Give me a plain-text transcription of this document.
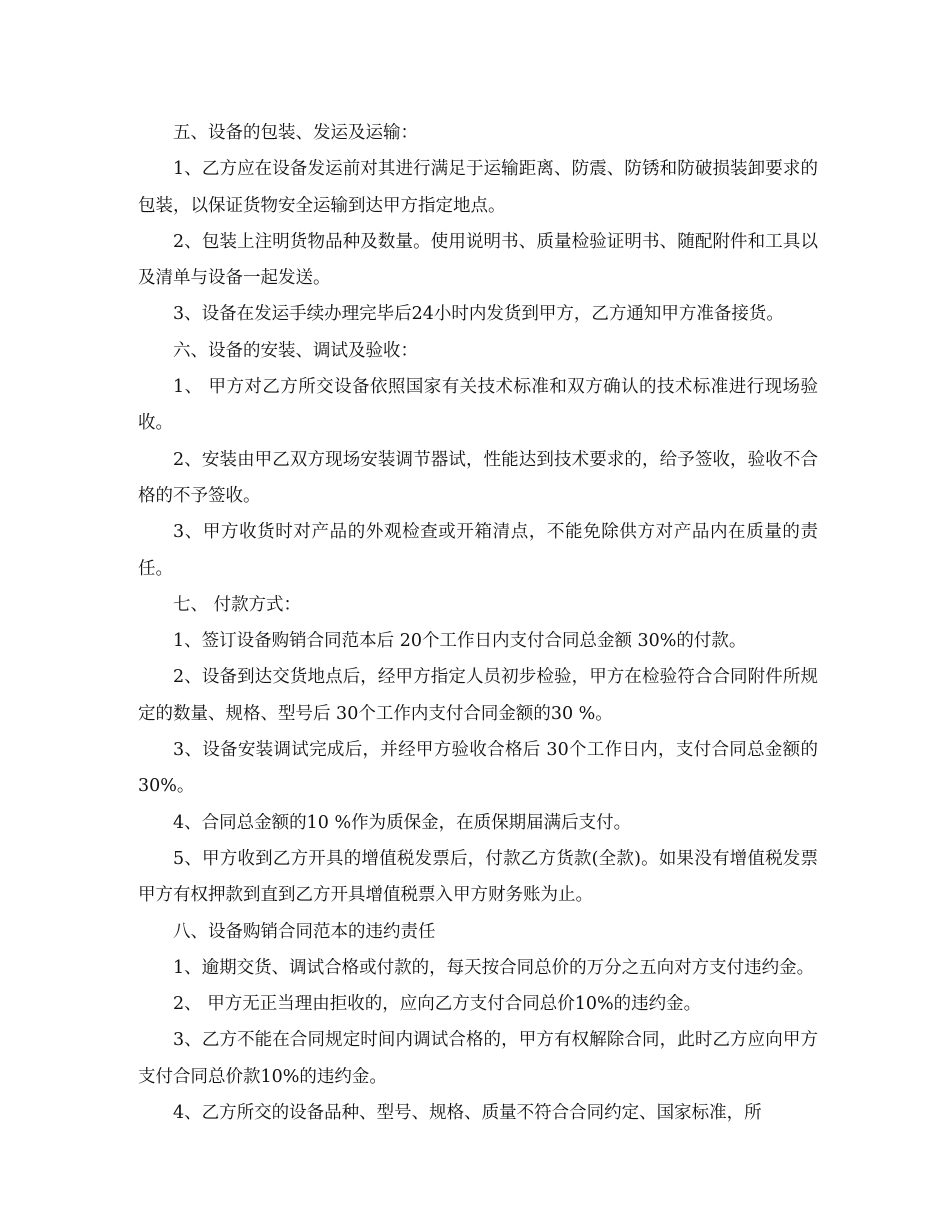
五、设备的包装、发运及运输：

1、乙方应在设备发运前对其进行满足于运输距离、防震、防锈和防破损装卸要求的包装，以保证货物安全运输到达甲方指定地点。

2、包装上注明货物品种及数量。使用说明书、质量检验证明书、随配附件和工具以及清单与设备一起发送。

3、设备在发运手续办理完毕后24小时内发货到甲方，乙方通知甲方准备接货。

六、设备的安装、调试及验收：

1、 甲方对乙方所交设备依照国家有关技术标准和双方确认的技术标准进行现场验收。

2、安装由甲乙双方现场安装调节器试，性能达到技术要求的，给予签收，验收不合格的不予签收。

3、甲方收货时对产品的外观检查或开箱清点，不能免除供方对产品内在质量的责任。

七、 付款方式：

1、签订设备购销合同范本后 20个工作日内支付合同总金额 30%的付款。

2、设备到达交货地点后，经甲方指定人员初步检验，甲方在检验符合合同附件所规定的数量、规格、型号后 30个工作内支付合同金额的30 %。

3、设备安装调试完成后，并经甲方验收合格后 30个工作日内，支付合同总金额的30%。

4、合同总金额的10 %作为质保金，在质保期届满后支付。

5、甲方收到乙方开具的增值税发票后，付款乙方货款(全款)。如果没有增值税发票甲方有权押款到直到乙方开具增值税票入甲方财务账为止。

八、设备购销合同范本的违约责任

1、逾期交货、调试合格或付款的，每天按合同总价的万分之五向对方支付违约金。

2、 甲方无正当理由拒收的，应向乙方支付合同总价10%的违约金。

3、乙方不能在合同规定时间内调试合格的，甲方有权解除合同，此时乙方应向甲方支付合同总价款10%的违约金。

4、乙方所交的设备品种、型号、规格、质量不符合合同约定、国家标准，所
